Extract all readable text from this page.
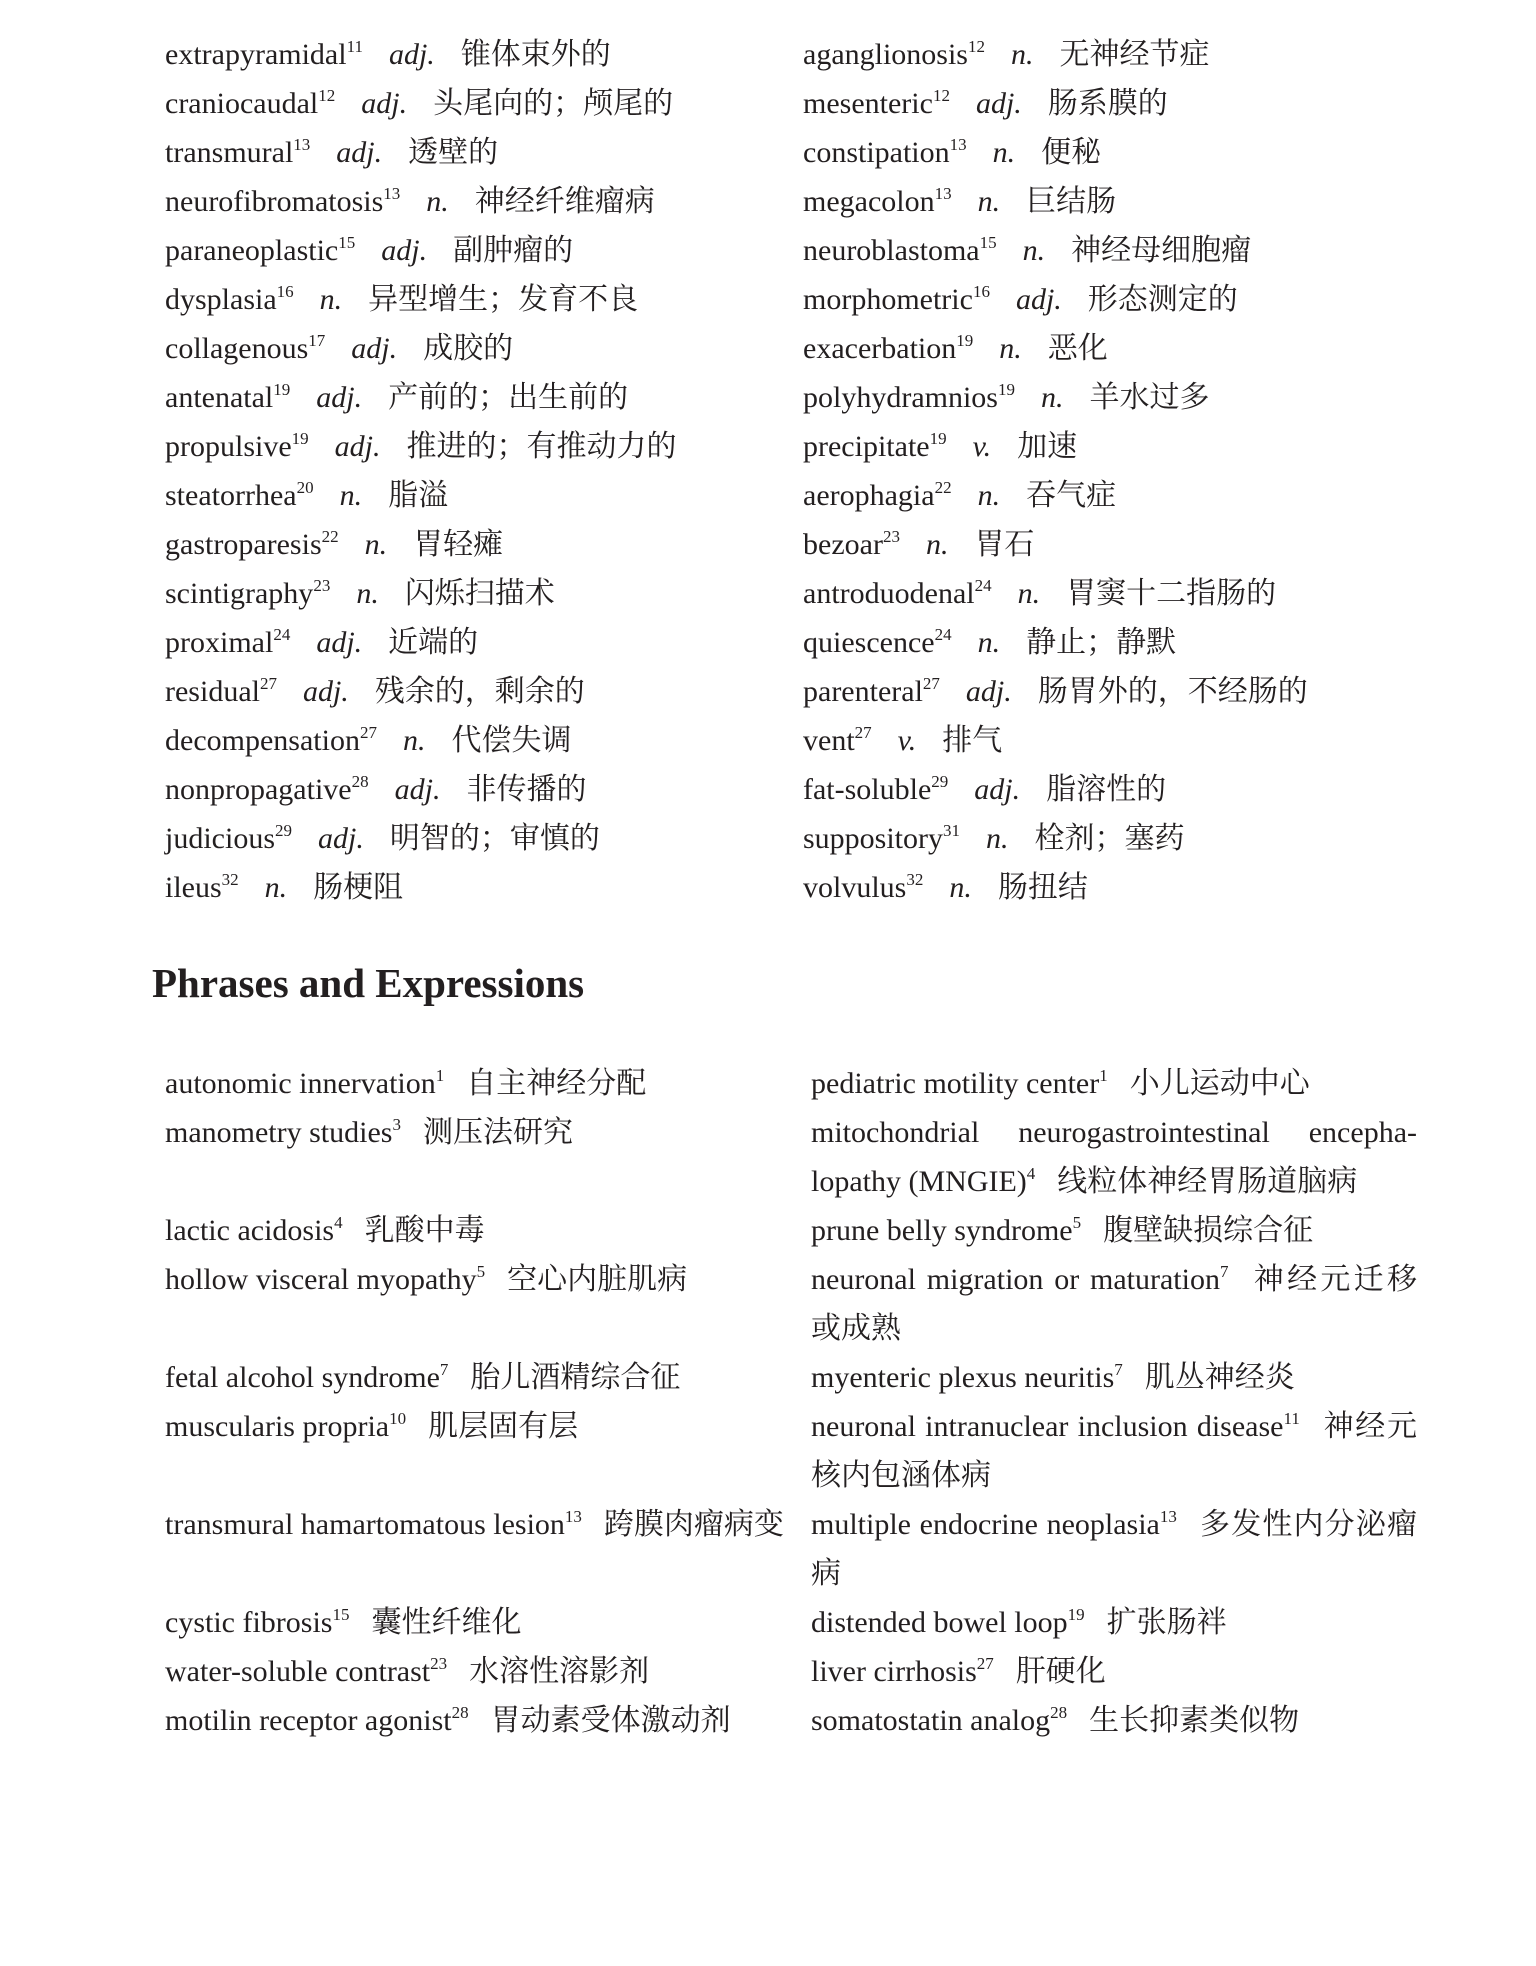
extrapyramidal$^{11}$ adj. 锥体束外的
craniocaudal$^{12}$ adj. 头尾向的；颅尾的
transmural$^{13}$ adj. 透壁的
neurofibromatosis$^{13}$ n. 神经纤维瘤病
paraneoplastic$^{15}$ adj. 副肿瘤的
dysplasia$^{16}$ n. 异型增生；发育不良
collagenous$^{17}$ adj. 成胶的
antenatal$^{19}$ adj. 产前的；出生前的
propulsive$^{19}$ adj. 推进的；有推动力的
steatorrhea$^{20}$ n. 脂溢
gastroparesis$^{22}$ n. 胃轻瘫
scintigraphy$^{23}$ n. 闪烁扫描术
proximal$^{24}$ adj. 近端的
residual$^{27}$ adj. 残余的，剩余的
decompensation$^{27}$ n. 代偿失调
nonpropagative$^{28}$ adj. 非传播的
judicious$^{29}$ adj. 明智的；审慎的
ileus$^{32}$ n. 肠梗阻
aganglionosis$^{12}$ n. 无神经节症
mesenteric$^{12}$ adj. 肠系膜的
constipation$^{13}$ n. 便秘
megacolon$^{13}$ n. 巨结肠
neuroblastoma$^{15}$ n. 神经母细胞瘤
morphometric$^{16}$ adj. 形态测定的
exacerbation$^{19}$ n. 恶化
polyhydramnios$^{19}$ n. 羊水过多
precipitate$^{19}$ v. 加速
aerophagia$^{22}$ n. 吞气症
bezoar$^{23}$ n. 胃石
antroduodenal$^{24}$ n. 胃窦十二指肠的
quiescence$^{24}$ n. 静止；静默
parenteral$^{27}$ adj. 肠胃外的，不经肠的
vent$^{27}$ v. 排气
fat-soluble$^{29}$ adj. 脂溶性的
suppository$^{31}$ n. 栓剂；塞药
volvulus$^{32}$ n. 肠扭结
Phrases and Expressions
autonomic innervation$^1$ 自主神经分配
manometry studies$^3$ 测压法研究
lactic acidosis$^4$ 乳酸中毒
hollow visceral myopathy$^5$ 空心内脏肌病
fetal alcohol syndrome$^7$ 胎儿酒精综合征
muscularis propria$^{10}$ 肌层固有层
transmural hamartomatous lesion$^{13}$ 跨膜肉瘤病变
cystic fibrosis$^{15}$ 囊性纤维化
water-soluble contrast$^{23}$ 水溶性溶影剂
motilin receptor agonist$^{28}$ 胃动素受体激动剂
pediatric motility center$^1$ 小儿运动中心
mitochondrial neurogastrointestinal encepha-lopathy (MNGIE)$^4$ 线粒体神经胃肠道脑病
prune belly syndrome$^5$ 腹壁缺损综合征
neuronal migration or maturation$^7$ 神经元迁移或成熟
myenteric plexus neuritis$^7$ 肌丛神经炎
neuronal intranuclear inclusion disease$^{11}$ 神经元核内包涵体病
multiple endocrine neoplasia$^{13}$ 多发性内分泌瘤病
distended bowel loop$^{19}$ 扩张肠袢
liver cirrhosis$^{27}$ 肝硬化
somatostatin analog$^{28}$ 生长抑素类似物
